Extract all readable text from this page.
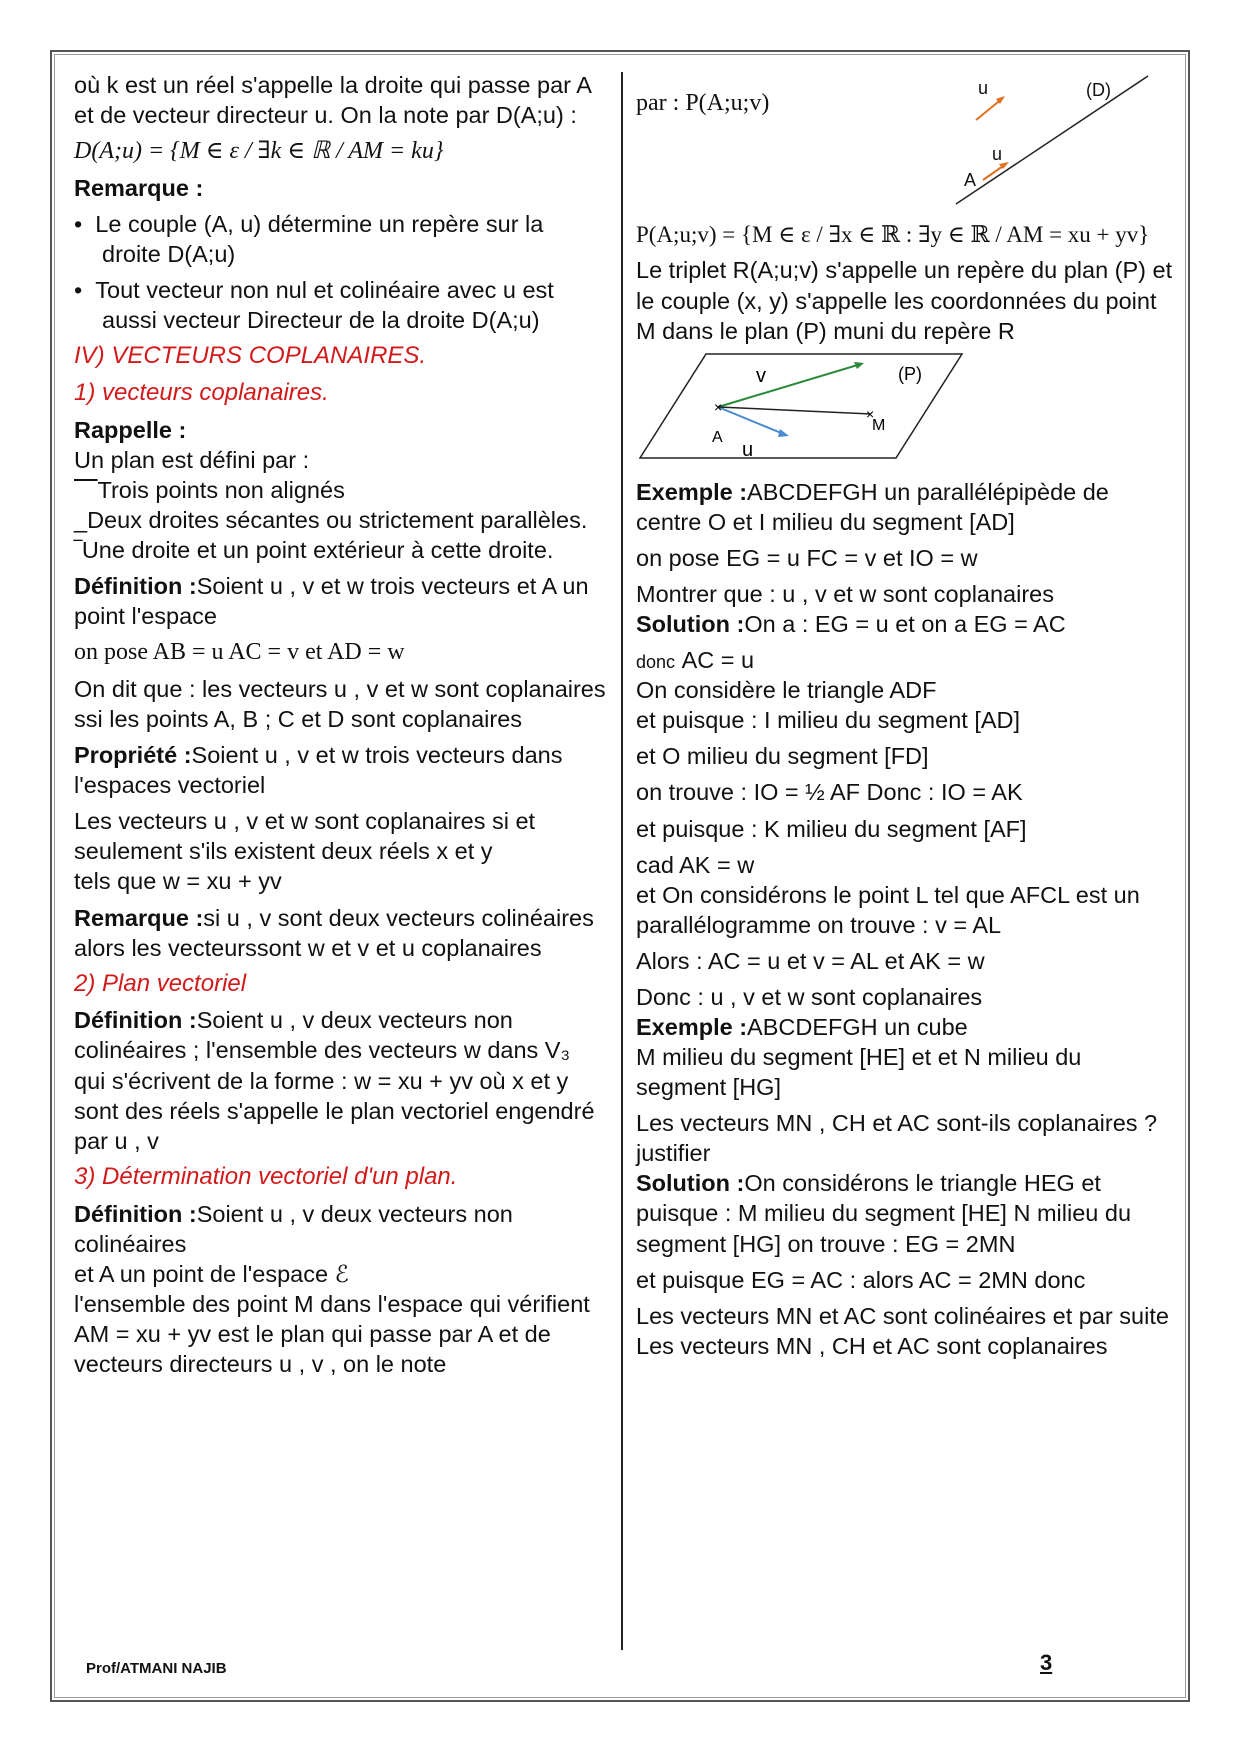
où k est un réel s'appelle la droite qui passe par A et de vecteur directeur u. On la note par D(A;u) :

D(A;u) = {M ∈ ε / ∃k ∈ ℝ / AM = ku}

Remarque :

•  Le couple (A, u) détermine un repère sur la droite D(A;u)

•  Tout vecteur non nul et colinéaire avec u est aussi vecteur Directeur de la droite D(A;u)

IV) VECTEURS COPLANAIRES.

1) vecteurs coplanaires.

Rappelle :

Un plan est défini par :

⎺Trois points non alignés

_Deux droites sécantes ou strictement parallèles.

‾Une droite et un point extérieur à cette droite.

Définition :Soient u , v et w trois vecteurs et A un point l'espace

on pose AB = u AC = v et AD = w

On dit que : les vecteurs u , v et w sont coplanaires ssi les points A, B ; C et D sont coplanaires

Propriété :Soient u , v et w trois vecteurs dans l'espaces vectoriel

Les vecteurs u , v et w sont coplanaires si et seulement s'ils existent deux réels x et y

tels que w = xu + yv

Remarque :si u , v sont deux vecteurs colinéaires alors les vecteurssont w et v et u coplanaires

2) Plan vectoriel

Définition :Soient u , v deux vecteurs non colinéaires ; l'ensemble des vecteurs w dans V₃ qui s'écrivent de la forme : w = xu + yv où x et y sont des réels s'appelle le plan vectoriel engendré par u , v

3) Détermination vectoriel d'un plan.

Définition :Soient u , v deux vecteurs non colinéaires

et A un point de l'espace ℰ

l'ensemble des point M dans l'espace qui vérifient AM = xu + yv est le plan qui passe par A et de vecteurs directeurs u , v , on le note

par : P(A;u;v)

u	(D)
A
u

P(A;u;v) = {M ∈ ε / ∃x ∈ ℝ : ∃y ∈ ℝ / AM = xu + yv}

Le triplet R(A;u;v) s'appelle un repère du plan (P) et le couple (x, y) s'appelle les coordonnées du point M dans le plan (P) muni du repère R

×	×
v	(P)
A
u
M

Exemple :ABCDEFGH un parallélépipède de centre O et I milieu du segment [AD]

on pose EG = u FC = v et IO = w

Montrer que : u , v et w sont coplanaires

Solution :On a : EG = u et on a EG = AC

donc AC = u

On considère le triangle ADF

et puisque : I milieu du segment [AD]

et O milieu du segment [FD]

on trouve : IO = ½ AF Donc : IO = AK

et puisque : K milieu du segment [AF]

cad AK = w

et On considérons le point L tel que AFCL est un parallélogramme on trouve : v = AL

Alors : AC = u et v = AL et AK = w

Donc : u , v et w sont coplanaires

Exemple :ABCDEFGH un cube

M milieu du segment [HE] et et N milieu du segment [HG]

Les vecteurs MN , CH et AC sont-ils coplanaires ? justifier

Solution :On considérons le triangle HEG et puisque : M milieu du segment [HE] N milieu du segment [HG] on trouve : EG = 2MN

et puisque EG = AC : alors AC = 2MN donc

Les vecteurs MN et AC sont colinéaires et par suite Les vecteurs MN , CH et AC sont coplanaires

Prof/ATMANI NAJIB	3
